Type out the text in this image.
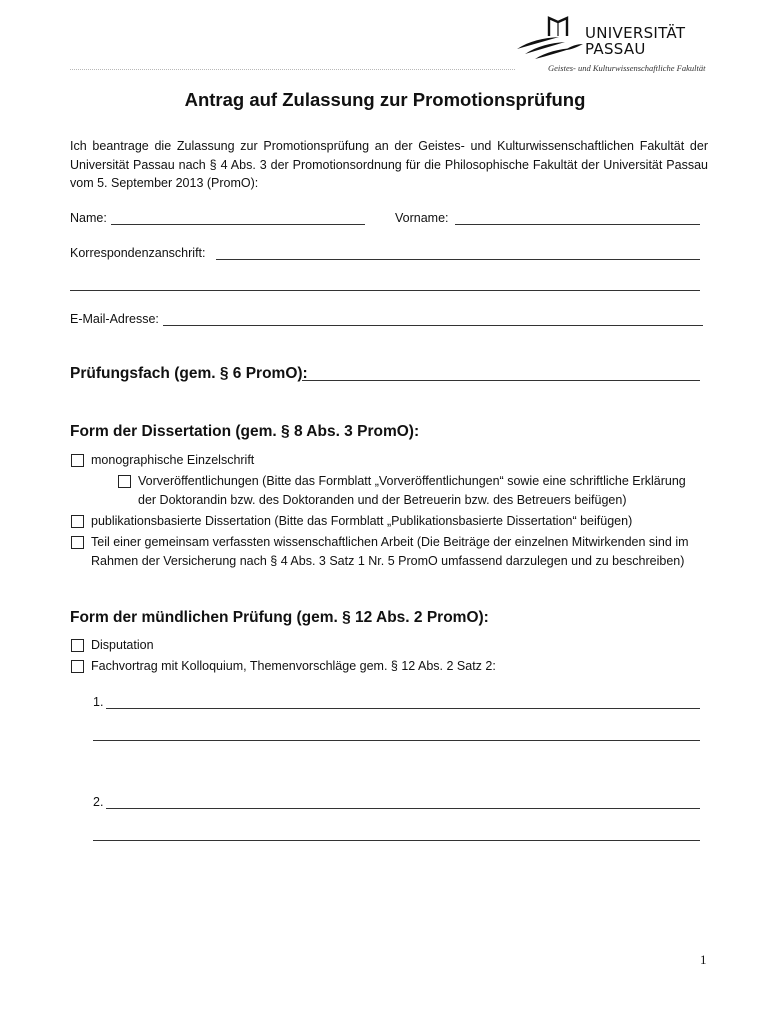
UNIVERSITÄT
PASSAU
Geistes- und Kulturwissenschaftliche Fakultät
Antrag auf Zulassung zur Promotionsprüfung
Ich beantrage die Zulassung zur Promotionsprüfung an der Geistes- und Kulturwissenschaftlichen Fakultät der Universität Passau nach § 4 Abs. 3 der Promotionsordnung für die Philosophische Fakultät der Universität Passau vom 5. September 2013 (PromO):
Name:	Vorname:
Korrespondenzanschrift:
E-Mail-Adresse:
Prüfungsfach (gem. § 6 PromO):
Form der Dissertation (gem. § 8 Abs. 3 PromO):
monographische Einzelschrift
Vorveröffentlichungen (Bitte das Formblatt „Vorveröffentlichungen“ sowie eine schriftliche Erklärung der Doktorandin bzw. des Doktoranden und der Betreuerin bzw. des Betreuers beifügen)
publikationsbasierte Dissertation (Bitte das Formblatt „Publikationsbasierte Dissertation“ beifügen)
Teil einer gemeinsam verfassten wissenschaftlichen Arbeit (Die Beiträge der einzelnen Mitwirkenden sind im Rahmen der Versicherung nach § 4 Abs. 3 Satz 1 Nr. 5 PromO umfassend darzulegen und zu beschreiben)
Form der mündlichen Prüfung (gem. § 12 Abs. 2 PromO):
Disputation
Fachvortrag mit Kolloquium, Themenvorschläge gem. § 12 Abs. 2 Satz 2:
1.
2.
1
